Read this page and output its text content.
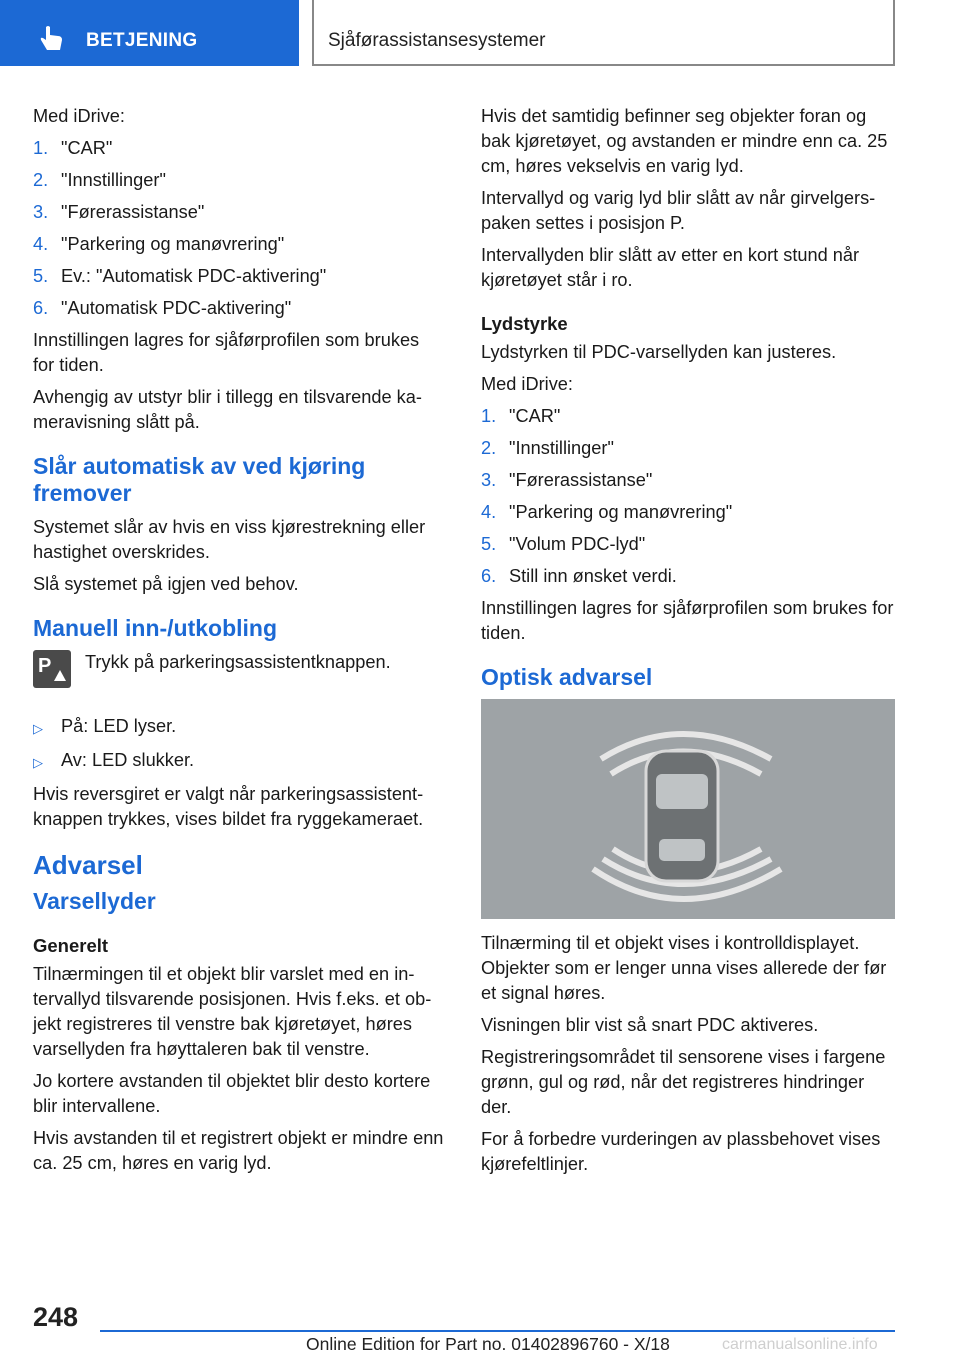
BETJENING	Sjåførassistansesystemer

Med iDrive:

1. "CAR"
2. "Innstillinger"
3. "Førerassistanse"
4. "Parkering og manøvrering"
5. Ev.: "Automatisk PDC-aktivering"
6. "Automatisk PDC-aktivering"

Innstillingen lagres for sjåførprofilen som brukes for tiden.

Avhengig av utstyr blir i tillegg en tilsvarende kameravisning slått på.

Slår automatisk av ved kjøring fremover

Systemet slår av hvis en viss kjørestrekning eller hastighet overskrides.

Slå systemet på igjen ved behov.

Manuell inn-/utkobling
P Trykk på parkeringsassistentknappen.
▷ På: LED lyser.
▷ Av: LED slukker.

Hvis reversgiret er valgt når parkeringsassistentknappen trykkes, vises bildet fra ryggekameraet.

Advarsel
Varsellyder
Generelt

Tilnærmingen til et objekt blir varslet med en intervallyd tilsvarende posisjonen. Hvis f.eks. et objekt registreres til venstre bak kjøretøyet, høres varsellyden fra høyttaleren bak til venstre.

Jo kortere avstanden til objektet blir desto kortere blir intervallene.

Hvis avstanden til et registrert objekt er mindre enn ca. 25 cm, høres en varig lyd.

Hvis det samtidig befinner seg objekter foran og bak kjøretøyet, og avstanden er mindre enn ca. 25 cm, høres vekselvis en varig lyd.

Intervallyd og varig lyd blir slått av når girvelgerspaken settes i posisjon P.

Intervallyden blir slått av etter en kort stund når kjøretøyet står i ro.

Lydstyrke

Lydstyrken til PDC-varsellyden kan justeres.

Med iDrive:

1. "CAR"
2. "Innstillinger"
3. "Førerassistanse"
4. "Parkering og manøvrering"
5. "Volum PDC-lyd"
6. Still inn ønsket verdi.

Innstillingen lagres for sjåførprofilen som brukes for tiden.

Optisk advarsel

Tilnærming til et objekt vises i kontrolldisplayet. Objekter som er lenger unna vises allerede der før et signal høres.

Visningen blir vist så snart PDC aktiveres.

Registreringsområdet til sensorene vises i fargene grønn, gul og rød, når det registreres hindringer der.

For å forbedre vurderingen av plassbehovet vises kjørefeltlinjer.

248
Online Edition for Part no. 01402896760 - X/18	carmanualsonline.info
